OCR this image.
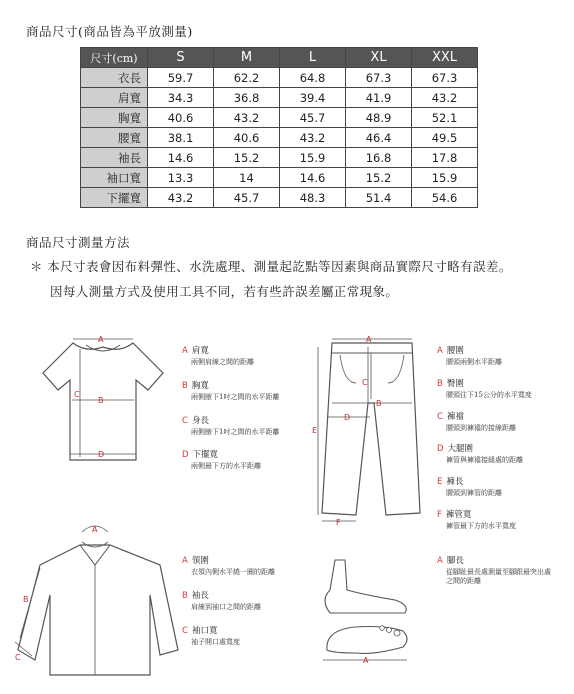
商品尺寸(商品皆為平放測量)
尺寸(cm)	S	M	L	XL	XXL
衣長	59.7	62.2	64.8	67.3	67.3
肩寬	34.3	36.8	39.4	41.9	43.2
胸寬	40.6	43.2	45.7	48.9	52.1
腰寬	38.1	40.6	43.2	46.4	49.5
袖長	14.6	15.2	15.9	16.8	17.8
袖口寬	13.3	14	14.6	15.2	15.9
下擺寬	43.2	45.7	48.3	51.4	54.6
商品尺寸測量方法
＊ 本尺寸表會因布料彈性、水洗處理、測量起訖點等因素與商品實際尺寸略有誤差。
因每人測量方式及使用工具不同，若有些許誤差屬正常現象。
A
B
C
D
A 肩寬
兩側肩線之間的距離
B 胸寬
兩側腋下1吋之間的水平距離
C 身長
兩側腋下1吋之間的水平距離
D 下擺寬
兩側最下方的水平距離
A
B
C
D
E
F
A 腰圍
腰頭兩側水平距離
B 臀圍
腰頭往下15公分的水平寬度
C 褲襠
腰頭到褲襠的接線距離
D 大腿圍
褲管與褲襠接縫處的距離
E 褲長
腰頭到褲管的距離
F 褲管寬
褲管最下方的水平寬度
A
B
C
A 領圍
衣領內側水平繞一圈的距離
B 袖長
肩線到袖口之間的距離
C 袖口寬
袖子開口處寬度
A
A 腳長
從腳趾最長處測量至腳跟最突出處之間的距離
